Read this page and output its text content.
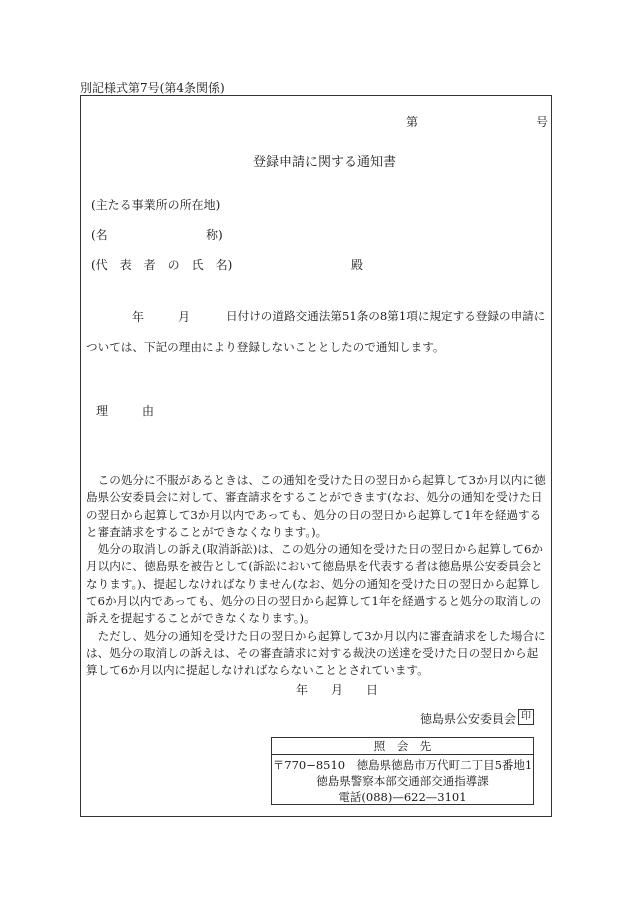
別記様式第7号(第4条関係)
第	号
登録申請に関する通知書
(主たる事業所の所在地)
(名	称)
(代　表　者　の　氏　名)	殿
年	月	日付けの道路交通法第51条の8第1項に規定する登録の申請に
ついては、下記の理由により登録しないこととしたので通知します。
理	由

この処分に不服があるときは、この通知を受けた日の翌日から起算して3か月以内に徳島県公安委員会に対して、審査請求をすることができます(なお、処分の通知を受けた日の翌日から起算して3か月以内であっても、処分の日の翌日から起算して1年を経過すると審査請求をすることができなくなります。)。

処分の取消しの訴え(取消訴訟)は、この処分の通知を受けた日の翌日から起算して6か月以内に、徳島県を被告として(訴訟において徳島県を代表する者は徳島県公安委員会となります。)、提起しなければなりません(なお、処分の通知を受けた日の翌日から起算して6か月以内であっても、処分の日の翌日から起算して1年を経過すると処分の取消しの訴えを提起することができなくなります。)。

ただし、処分の通知を受けた日の翌日から起算して3か月以内に審査請求をした場合には、処分の取消しの訴えは、その審査請求に対する裁決の送達を受けた日の翌日から起算して6か月以内に提起しなければならないこととされています。

年 月 日
徳島県公安委員会 印
照　会　先
〒770−8510　徳島県徳島市万代町二丁目5番地1
徳島県警察本部交通部交通指導課
電話(088)—622—3101
